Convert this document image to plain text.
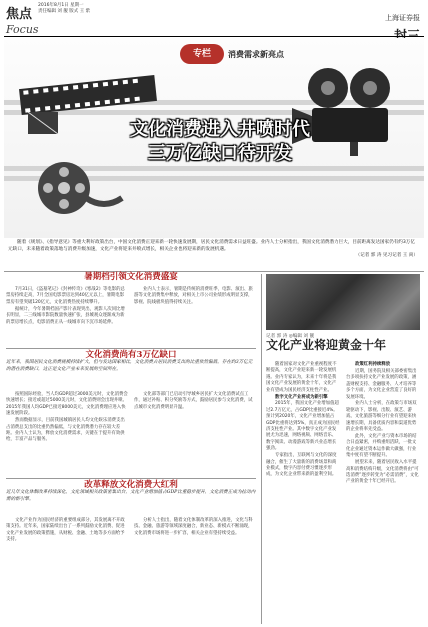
焦点
Focus
2016年8月1日 星期一
责任编辑 刘 靓 版式 王 紫
上海证券报
专栏	消费需求新亮点
文化消费进入井喷时代
三万亿缺口待开发
随着《规划》、《指导意见》等重大利好政策出台，中国文化消费正迎来新一轮快速发展期，居民文化消费需求日益旺盛。业内人士分析指出，我国文化消费潜力巨大，目前距离发达国家仍有约3万亿元缺口，未来随着政策落地与消费升级加速，文化产业将迎来井喷式增长，相关企业也将迎来新的发展机遇。
（记者 郭 涛 见习记者 王 尚）
暑期档引领文化消费盛宴

7月31日，《盗墓笔记》《封神传奇》《寒战2》等电影的总票房持续走高，7月全国电影票房达到40亿元以上，暑期电影票房有望突破120亿元，文化消费热度持续攀升。

据统计，今年暑期档国产影片表现突出，观影人次同比增长明显，二三线城市影院数量快速扩张，县城观众逐渐成为新的票房增长点，电影消费正从一线城市向下沉市场延伸。

业内人士表示，暑期是传统的消费旺季，电影、演出、旅游等文化消费集中释放，对相关上市公司业绩形成明显支撑，影视、院线板块值得持续关注。

文化消费尚有3万亿缺口
近年来，我国居民文化消费规模持续扩大，但与发达国家相比，文化消费占居民消费支出的比重依然偏低，存在约3万亿元的潜在消费缺口，这正是文化产业未来发展的空间所在。

按照国际经验，当人均GDP超过3000美元时，文化消费会快速增长；接近或超过5000美元时，文化消费则会出现井喷。2015年我国人均GDP已接近8000美元，文化消费理应进入快速发展阶段。

然而数据显示，目前我国城镇居民人均文化娱乐消费支出占消费总支出的比重仍然偏低，与文化消费潜力存在较大差距。业内人士认为，释放文化消费需求，关键在于提升有效供给，丰富产品与服务。

文化部等部门已启动引导城乡居民扩大文化消费试点工作，通过补贴、积分奖励等方式，鼓励居民参与文化消费，试点城市文化消费明显升温。

改革释放文化消费大红利
近几年文化体制改革持续深化，文化领域相关政策密集出台，文化产业增加值占GDP比重稳步提升，文化消费正成为拉动内需的新引擎。

文化产业作为国民经济的重要组成部分，其发展离不开政策支持。近年来，国家陆续出台了一系列鼓励文化消费、促进文化产业发展的政策措施，从财税、金融、土地等多方面给予支持。

分析人士指出，随着文化体制改革的深入推进，文化与科技、金融、旅游等领域深度融合，新业态、新模式不断涌现，文化消费市场将进一步扩容，相关企业有望持续受益。

记者 郭 涛 ◎编辑 刘 靓
文化产业将迎黄金十年

随着国家对文化产业重视程度不断提高，文化产业迎来新一轮发展机遇。业内专家认为，未来十年将是我国文化产业发展的黄金十年，文化产业有望成为国民经济支柱性产业。

数字文化产业将成为新引擎

2015年，我国文化产业增加值超过2.7万亿元，占GDP比重接近4%。预计到2020年，文化产业增加值占GDP比重将达到5%，真正成为国民经济支柱性产业。其中数字文化产业发展尤为迅速，网络视频、网络音乐、数字阅读、动漫游戏等新兴业态增长强劲。

专家指出，互联网与文化的深度融合，催生了大量新的消费场景和商业模式，数字内容付费习惯逐步形成，为文化企业带来新的盈利空间。

政策红利持续释放

近期，国务院及相关部委密集出台多项扶持文化产业发展的政策，涵盖财税支持、金融服务、人才培养等多个方面，为文化企业营造了良好的发展环境。

业内人士分析，在政策与市场双轮驱动下，影视、出版、演艺、游戏、文化旅游等细分行业有望迎来快速增长期，具备优质内容和渠道优势的企业将率先受益。

此外，文化产业与资本市场的结合日益紧密，并购重组活跃，一批文化企业通过资本运作做大做强，行业集中度有望不断提升。

展望未来，随着居民收入水平提高和消费结构升级，文化消费将由“可选消费”逐步转变为“必需消费”，文化产业的黄金十年已经开启。
